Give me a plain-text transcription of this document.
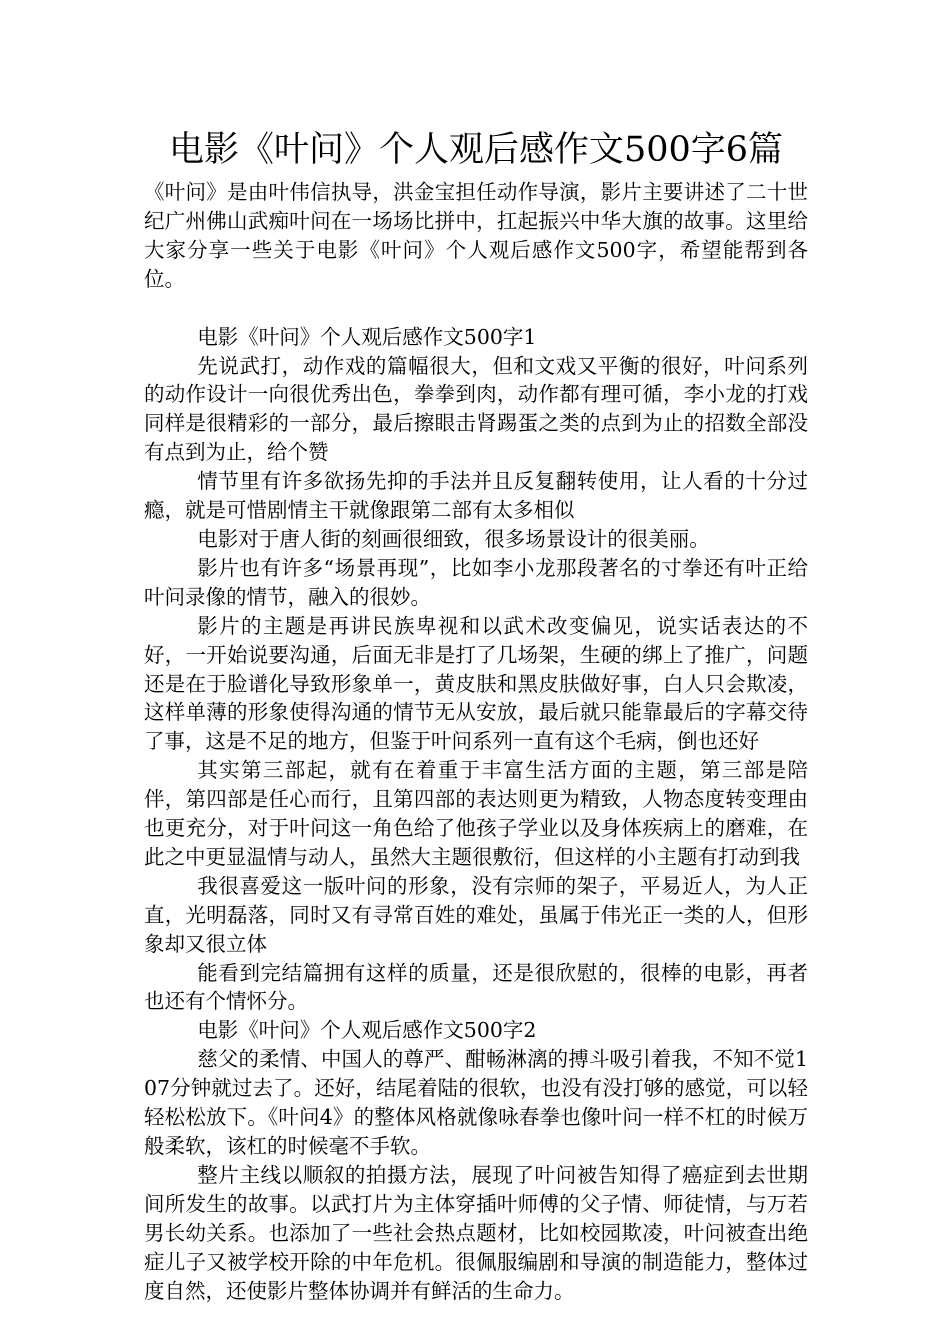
电影《叶问》个人观后感作文500字6篇

《叶问》是由叶伟信执导，洪金宝担任动作导演，影片主要讲述了二十世纪广州佛山武痴叶问在一场场比拼中，扛起振兴中华大旗的故事。这里给大家分享一些关于电影《叶问》个人观后感作文500字，希望能帮到各位。

电影《叶问》个人观后感作文500字1

先说武打，动作戏的篇幅很大，但和文戏又平衡的很好，叶问系列的动作设计一向很优秀出色，拳拳到肉，动作都有理可循，李小龙的打戏同样是很精彩的一部分，最后擦眼击肾踢蛋之类的点到为止的招数全部没有点到为止，给个赞

情节里有许多欲扬先抑的手法并且反复翻转使用，让人看的十分过瘾，就是可惜剧情主干就像跟第二部有太多相似

电影对于唐人街的刻画很细致，很多场景设计的很美丽。

影片也有许多“场景再现”，比如李小龙那段著名的寸拳还有叶正给叶问录像的情节，融入的很妙。

影片的主题是再讲民族卑视和以武术改变偏见，说实话表达的不好，一开始说要沟通，后面无非是打了几场架，生硬的绑上了推广，问题还是在于脸谱化导致形象单一，黄皮肤和黑皮肤做好事，白人只会欺凌，这样单薄的形象使得沟通的情节无从安放，最后就只能靠最后的字幕交待了事，这是不足的地方，但鉴于叶问系列一直有这个毛病，倒也还好

其实第三部起，就有在着重于丰富生活方面的主题，第三部是陪伴，第四部是任心而行，且第四部的表达则更为精致，人物态度转变理由也更充分，对于叶问这一角色给了他孩子学业以及身体疾病上的磨难，在此之中更显温情与动人，虽然大主题很敷衍，但这样的小主题有打动到我

我很喜爱这一版叶问的形象，没有宗师的架子，平易近人，为人正直，光明磊落，同时又有寻常百姓的难处，虽属于伟光正一类的人，但形象却又很立体

能看到完结篇拥有这样的质量，还是很欣慰的，很棒的电影，再者也还有个情怀分。

电影《叶问》个人观后感作文500字2

慈父的柔情、中国人的尊严、酣畅淋漓的搏斗吸引着我，不知不觉107分钟就过去了。还好，结尾着陆的很软，也没有没打够的感觉，可以轻轻松松放下。《叶问4》的整体风格就像咏春拳也像叶问一样不杠的时候万般柔软，该杠的时候毫不手软。

整片主线以顺叙的拍摄方法，展现了叶问被告知得了癌症到去世期间所发生的故事。以武打片为主体穿插叶师傅的父子情、师徒情，与万若男长幼关系。也添加了一些社会热点题材，比如校园欺凌，叶问被查出绝症儿子又被学校开除的中年危机。很佩服编剧和导演的制造能力，整体过度自然，还使影片整体协调并有鲜活的生命力。
